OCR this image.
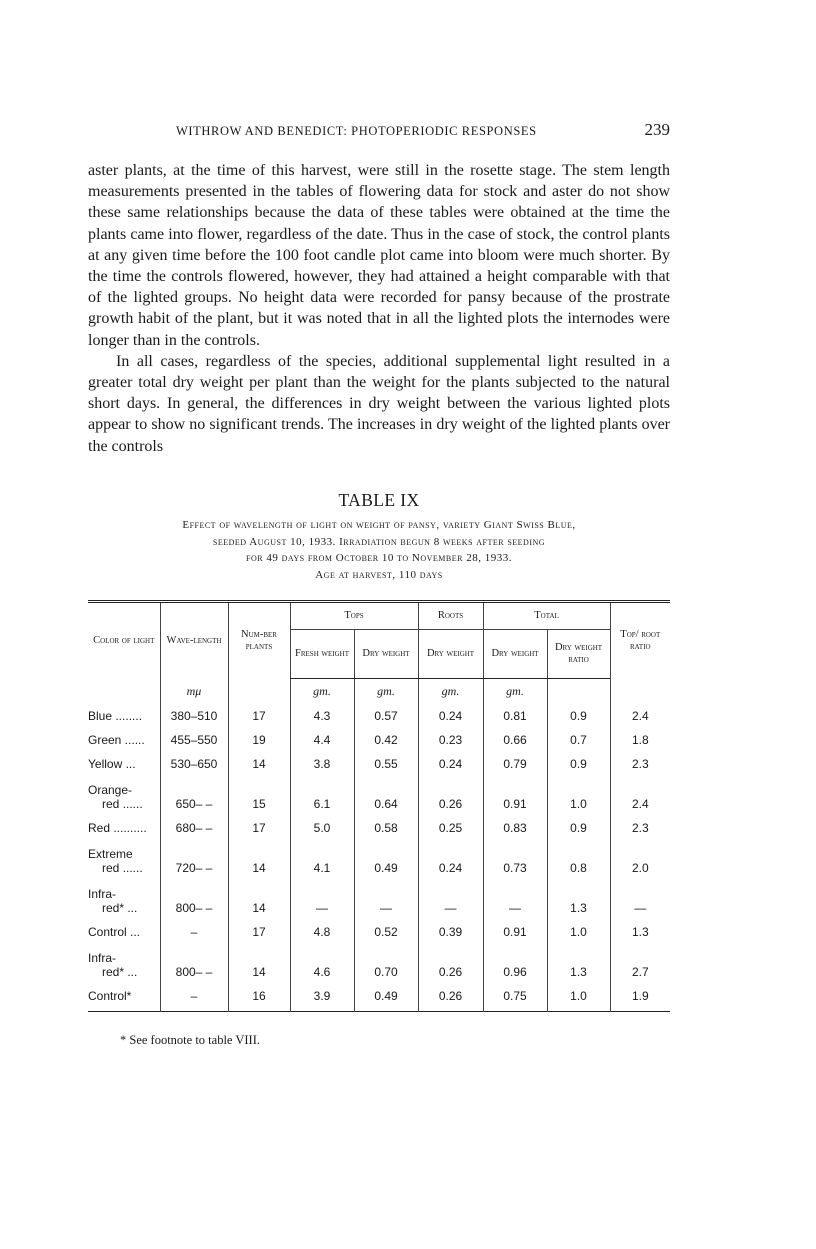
WITHROW AND BENEDICT: PHOTOPERIODIC RESPONSES	239

aster plants, at the time of this harvest, were still in the rosette stage. The stem length measurements presented in the tables of flowering data for stock and aster do not show these same relationships because the data of these tables were obtained at the time the plants came into flower, regardless of the date. Thus in the case of stock, the control plants at any given time before the 100 foot candle plot came into bloom were much shorter. By the time the controls flowered, however, they had attained a height comparable with that of the lighted groups. No height data were recorded for pansy because of the prostrate growth habit of the plant, but it was noted that in all the lighted plots the internodes were longer than in the controls.

In all cases, regardless of the species, additional supplemental light resulted in a greater total dry weight per plant than the weight for the plants subjected to the natural short days. In general, the differences in dry weight between the various lighted plots appear to show no significant trends. The increases in dry weight of the lighted plants over the controls

TABLE IX
Effect of wavelength of light on weight of pansy, variety Giant Swiss Blue,
seeded August 10, 1933. Irradiation begun 8 weeks after seeding
for 49 days from October 10 to November 28, 1933.
Age at harvest, 110 days
Color of light	Wave-length	Num-ber plants	Tops		Roots	Total		Top/ root ratio
			Fresh weight	Dry weight	Dry weight	Dry weight	Dry weight ratio	
	mμ		gm.	gm.	gm.	gm.		
Blue ........	380–510	17	4.3	0.57	0.24	0.81	0.9	2.4
Green ......	455–550	19	4.4	0.42	0.23	0.66	0.7	1.8
Yellow ...	530–650	14	3.8	0.55	0.24	0.79	0.9	2.3
Orange-
red ......	650– –	15	6.1	0.64	0.26	0.91	1.0	2.4
Red ..........	680– –	17	5.0	0.58	0.25	0.83	0.9	2.3
Extreme
red ......	720– –	14	4.1	0.49	0.24	0.73	0.8	2.0
Infra-
red* ...	800– –	14	—	—	—	—	1.3	—
Control ...	–	17	4.8	0.52	0.39	0.91	1.0	1.3
Infra-
red* ...	800– –	14	4.6	0.70	0.26	0.96	1.3	2.7
Control*	–	16	3.9	0.49	0.26	0.75	1.0	1.9
* See footnote to table VIII.
